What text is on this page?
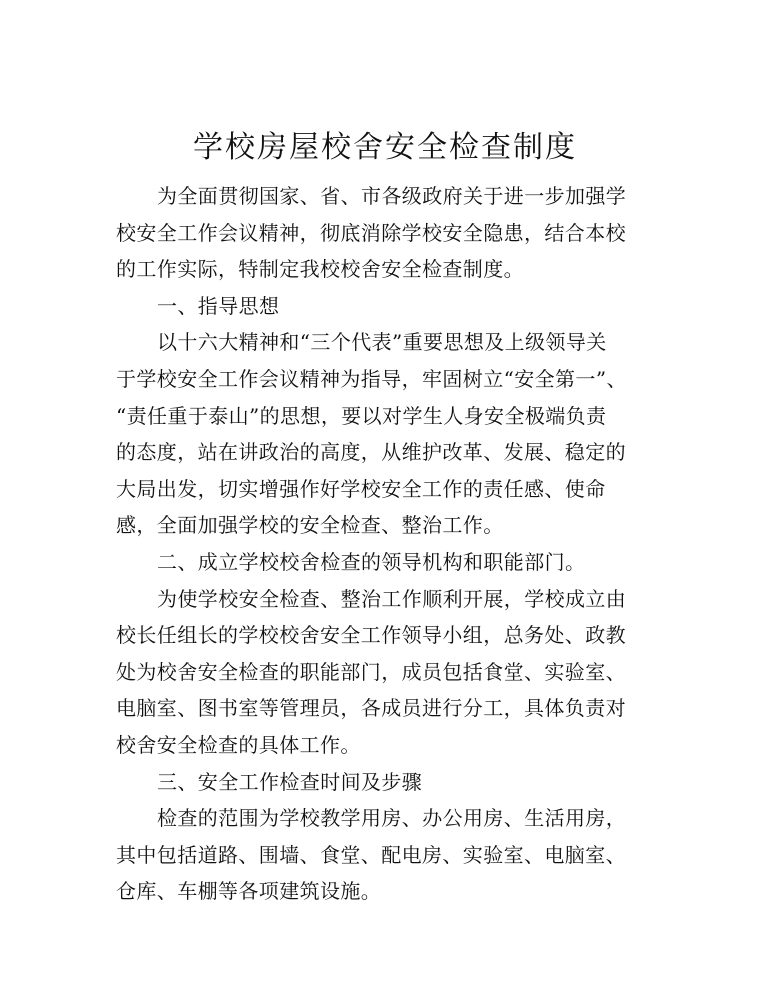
学校房屋校舍安全检查制度
为全面贯彻国家、省、市各级政府关于进一步加强学
校安全工作会议精神，彻底消除学校安全隐患，结合本校
的工作实际，特制定我校校舍安全检查制度。
一、指导思想
以十六大精神和“三个代表”重要思想及上级领导关
于学校安全工作会议精神为指导，牢固树立“安全第一”、
“责任重于泰山”的思想，要以对学生人身安全极端负责
的态度，站在讲政治的高度，从维护改革、发展、稳定的
大局出发，切实增强作好学校安全工作的责任感、使命
感，全面加强学校的安全检查、整治工作。
二、成立学校校舍检查的领导机构和职能部门。
为使学校安全检查、整治工作顺利开展，学校成立由
校长任组长的学校校舍安全工作领导小组，总务处、政教
处为校舍安全检查的职能部门，成员包括食堂、实验室、
电脑室、图书室等管理员，各成员进行分工，具体负责对
校舍安全检查的具体工作。
三、安全工作检查时间及步骤
检查的范围为学校教学用房、办公用房、生活用房，
其中包括道路、围墙、食堂、配电房、实验室、电脑室、
仓库、车棚等各项建筑设施。
